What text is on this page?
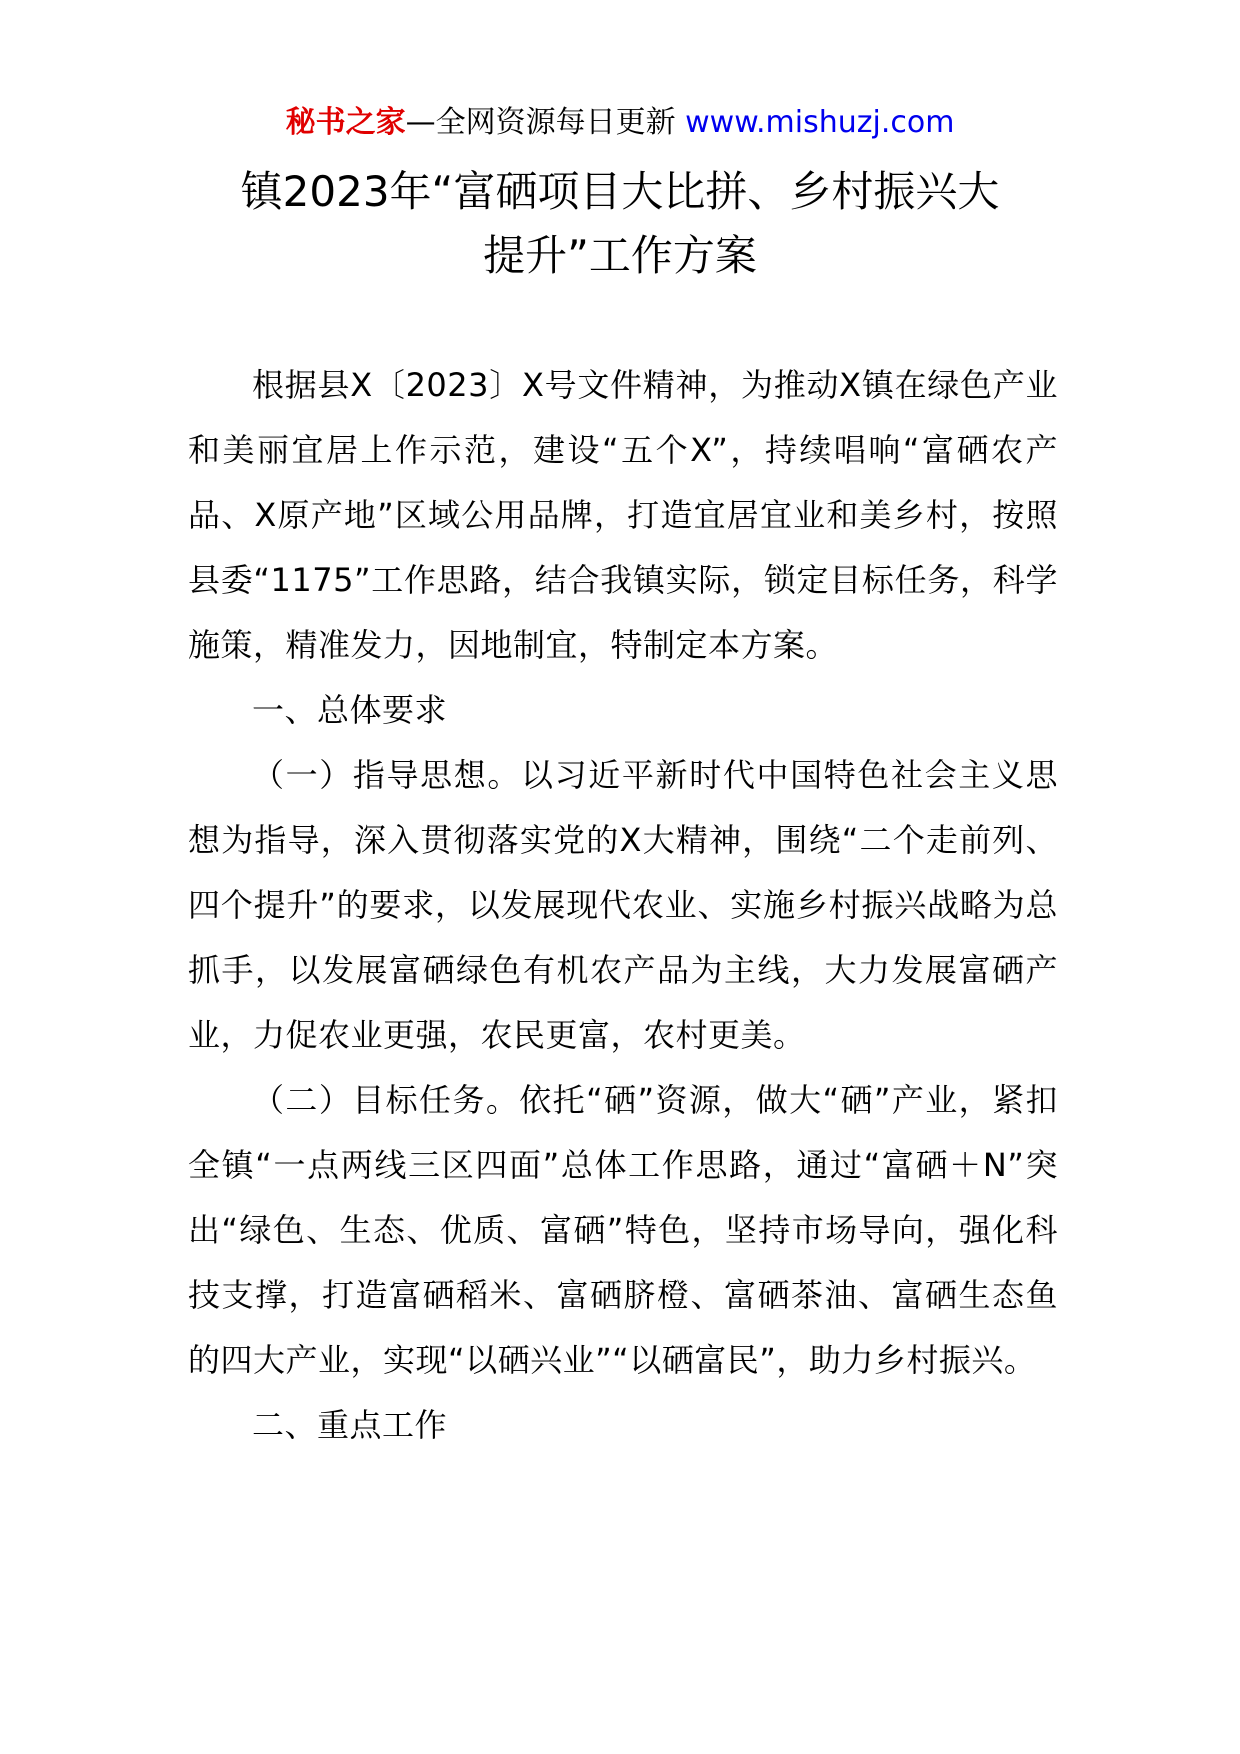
秘书之家—全网资源每日更新 www.mishuzj.com
镇2023年“富硒项目大比拼、乡村振兴大
提升”工作方案

根据县X〔2023〕X号文件精神，为推动X镇在绿色产业和美丽宜居上作示范，建设“五个X”，持续唱响“富硒农产品、X原产地”区域公用品牌，打造宜居宜业和美乡村，按照县委“1175”工作思路，结合我镇实际，锁定目标任务，科学施策，精准发力，因地制宜，特制定本方案。

一、总体要求

（一）指导思想。以习近平新时代中国特色社会主义思想为指导，深入贯彻落实党的X大精神，围绕“二个走前列、四个提升”的要求，以发展现代农业、实施乡村振兴战略为总抓手，以发展富硒绿色有机农产品为主线，大力发展富硒产业，力促农业更强，农民更富，农村更美。

（二）目标任务。依托“硒”资源，做大“硒”产业，紧扣全镇“一点两线三区四面”总体工作思路，通过“富硒＋N”突出“绿色、生态、优质、富硒”特色，坚持市场导向，强化科技支撑，打造富硒稻米、富硒脐橙、富硒茶油、富硒生态鱼的四大产业，实现“以硒兴业”“以硒富民”，助力乡村振兴。

二、重点工作
